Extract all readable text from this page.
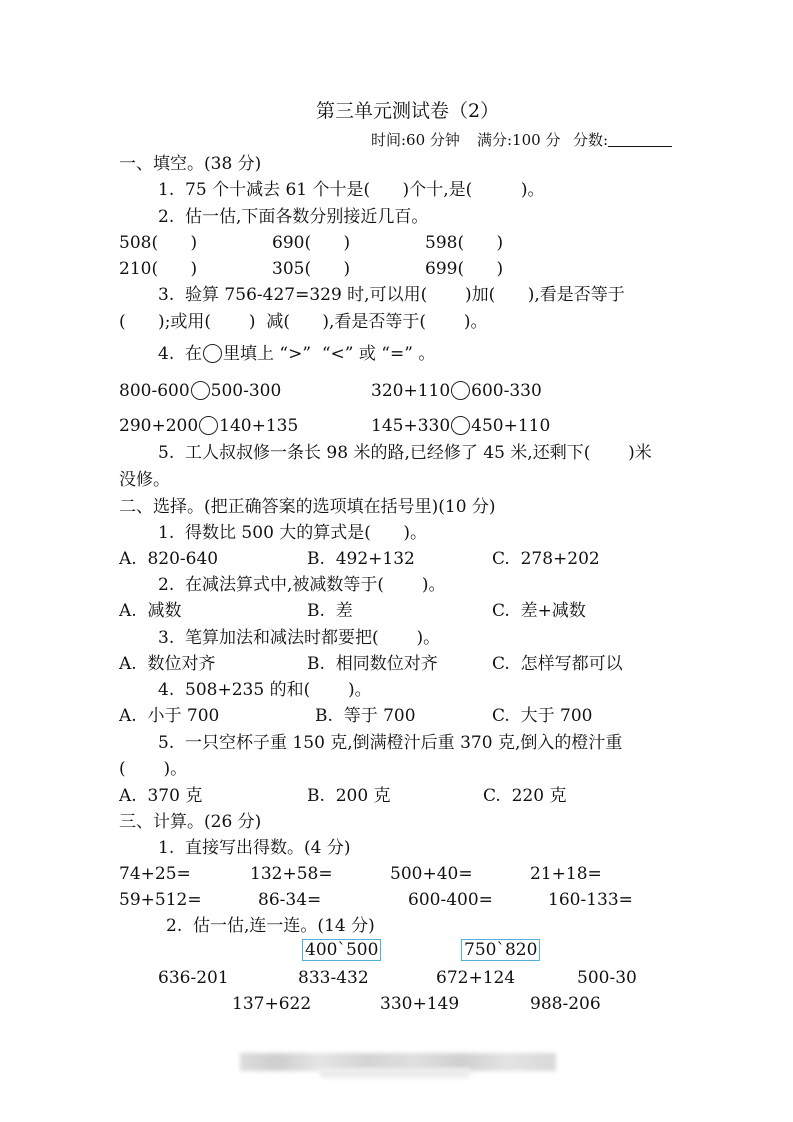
第三单元测试卷（2）
时间:60 分钟 满分:100 分 分数:
一、填空。(38 分)
1.  75 个十减去 61 个十是(      )个十,是(         )。
2.  估一估,下面各数分别接近几百。
508(      )	690(      )	598(      )
210(      )	305(      )	699(      )
3.  验算 756-427=329 时,可以用(       )加(      ),看是否等于
(      );或用(       )  减(      ),看是否等于(       )。
4.  在 里填上 “>”  “<” 或 “=” 。
800-600 500-300	320+110 600-330
290+200 140+135	145+330 450+110
5.  工人叔叔修一条长 98 米的路,已经修了 45 米,还剩下(       )米
没修。
二、选择。(把正确答案的选项填在括号里)(10 分)
1.  得数比 500 大的算式是(      )。
A.  820-640	B.  492+132	C.  278+202
2.  在减法算式中,被减数等于(       )。
A.  减数	B.  差	C.  差+减数
3.  笔算加法和减法时都要把(       )。
A.  数位对齐	B.  相同数位对齐	C.  怎样写都可以
4.  508+235 的和(       )。
A.  小于 700	B.  等于 700	C.  大于 700
5.  一只空杯子重 150 克,倒满橙汁后重 370 克,倒入的橙汁重
(       )。
A.  370 克	B.  200 克	C.  220 克
三、计算。(26 分)
1.  直接写出得数。(4 分)
74+25=	132+58=	500+40=	21+18=
59+512=	86-34=	600-400=	160-133=
2.  估一估,连一连。(14 分)
400ˋ500	750ˋ820
636-201	833-432	672+124	500-30
137+622	330+149	988-206
